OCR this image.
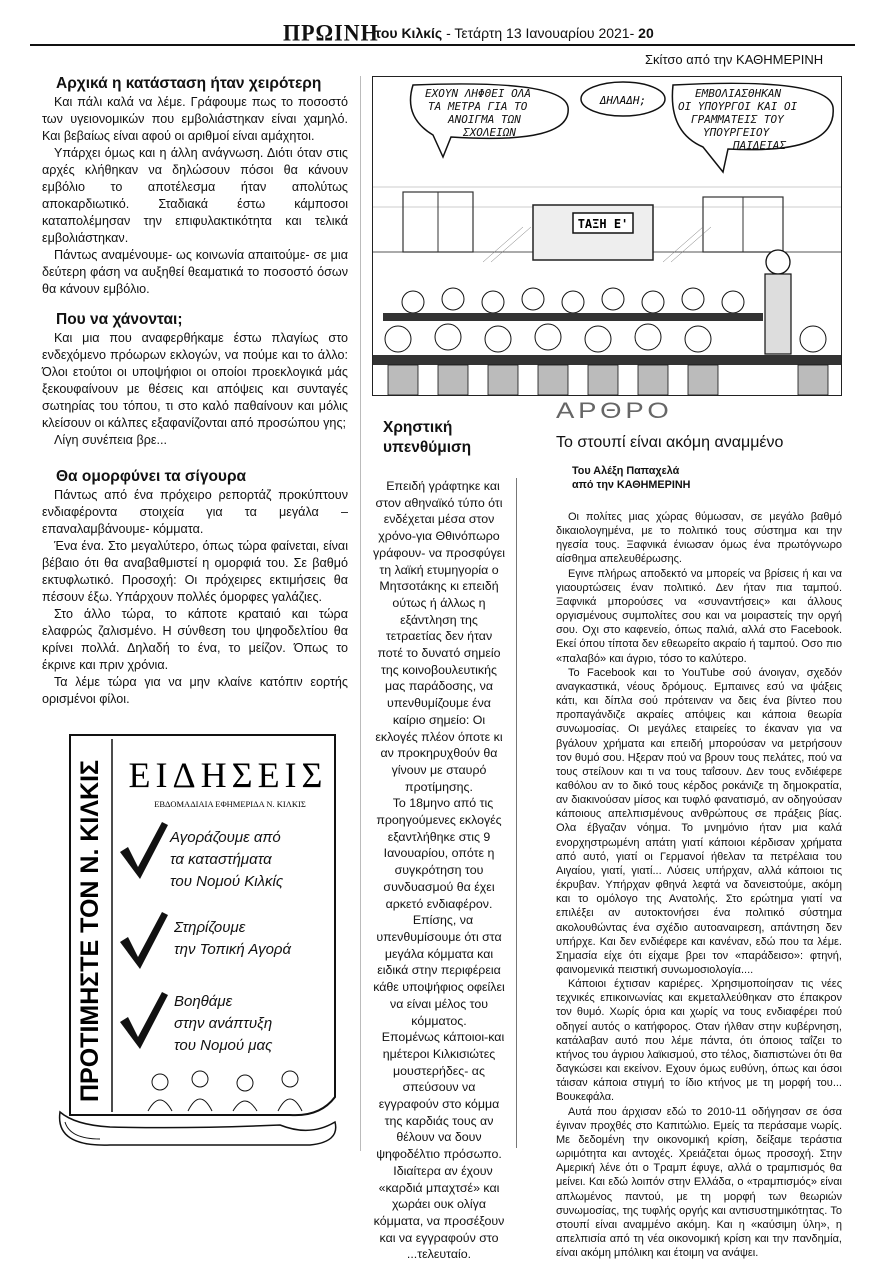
ΠΡΩΙΝΗ
του Κιλκίς - Τετάρτη 13 Ιανουαρίου 2021- 20
Σκίτσο από την ΚΑΘΗΜΕΡΙΝΗ
Αρχικά η κατάσταση ήταν χειρότερη

Και πάλι καλά να λέμε. Γράφουμε πως το ποσοστό των υγειονομικών που εμβολιάστηκαν είναι χαμηλό. Και βεβαίως είναι αφού οι αριθμοί είναι αμάχητοι.

Υπάρχει όμως και η άλλη ανάγνωση. Διότι όταν στις αρχές κλήθηκαν να δηλώσουν πόσοι θα κάνουν εμβόλιο το αποτέλεσμα ήταν απολύτως αποκαρδιωτικό. Σταδιακά έστω κάμποσοι καταπολέμησαν την επιφυλακτικότητα και τελικά εμβολιάστηκαν.

Πάντως αναμένουμε- ως κοινωνία απαιτούμε- σε μια δεύτερη φάση να αυξηθεί θεαματικά το ποσοστό όσων θα κάνουν εμβόλιο.

Που να χάνονται;

Και μια που αναφερθήκαμε έστω πλαγίως στο ενδεχόμενο πρόωρων εκλογών, να πούμε και το άλλο: Όλοι ετούτοι οι υποψήφιοι οι οποίοι προεκλογικά μάς ξεκουφαίνουν με θέσεις και απόψεις και συνταγές σωτηρίας του τόπου, τι στο καλό παθαίνουν και μόλις κλείσουν οι κάλπες εξαφανίζονται από προσώπου γης;

Λίγη συνέπεια βρε...

Θα ομορφύνει τα σίγουρα

Πάντως από ένα πρόχειρο ρεπορτάζ προκύπτουν ενδιαφέροντα στοιχεία για τα μεγάλα – επαναλαμβάνουμε- κόμματα.

Ένα ένα. Στο μεγαλύτερο, όπως τώρα φαίνεται, είναι βέβαιο ότι θα αναβαθμιστεί η ομορφιά του. Σε βαθμό εκτυφλωτικό. Προσοχή: Οι πρόχειρες εκτιμήσεις θα πέσουν έξω. Υπάρχουν πολλές όμορφες γαλάζιες.

Στο άλλο τώρα, το κάποτε κραταιό και τώρα ελαφρώς ζαλισμένο. Η σύνθεση του ψηφοδελτίου θα κρίνει πολλά. Δηλαδή το ένα, το μείζον. Όπως το έκρινε και πριν χρόνια.

Τα λέμε τώρα για να μην κλαίνε κατόπιν εορτής ορισμένοι φίλοι.

ΤΑΞΗ Ε'
ΕΧΟΥΝ ΛΗΦΘΕΙ ΟΛΑ ΤΑ ΜΕΤΡΑ ΓΙΑ ΤΟ ΑΝΟΙΓΜΑ ΤΩΝ ΣΧΟΛΕΙΩΝ
ΔΗΛΑΔΗ;
ΕΜΒΟΛΙΑΣΘΗΚΑΝ ΟΙ ΥΠΟΥΡΓΟΙ ΚΑΙ ΟΙ ΓΡΑΜΜΑΤΕΙΣ ΤΟΥ ΥΠΟΥΡΓΕΙΟΥ ΠΑΙΔΕΙΑΣ
ΠΡΟΤΙΜΗΣΤΕ ΤΟΝ Ν. ΚΙΛΚΙΣ ΕΙΔΗΣΕΙΣ
ΕΒΔΟΜΑΔΙΑΙΑ ΕΦΗΜΕΡΙΔΑ Ν. ΚΙΛΚΙΣ
Αγοράζουμε από τα καταστήματα του Νομού Κιλκίς Στηρίζουμε την Τοπική Αγορά Βοηθάμε στην ανάπτυξη του Νομού μας
Χρηστική υπενθύμιση

Επειδή γράφτηκε και στον αθηναϊκό τύπο ότι ενδέχεται μέσα στον χρόνο-για Θθινόπωρο γράφουν- να προσφύγει τη λαϊκή ετυμηγορία ο Μητσοτάκης κι επειδή ούτως ή άλλως η εξάντληση της τετραετίας δεν ήταν ποτέ το δυνατό σημείο της κοινοβουλευτικής μας παράδοσης, να υπενθυμίζουμε ένα καίριο σημείο: Οι εκλογές πλέον όποτε κι αν προκηρυχθούν θα γίνουν με σταυρό προτίμησης.

Το 18μηνο από τις προηγούμενες εκλογές εξαντλήθηκε στις 9 Ιανουαρίου, οπότε η συγκρότηση του συνδυασμού θα έχει αρκετό ενδιαφέρον.

Επίσης, να υπενθυμίσουμε ότι στα μεγάλα κόμματα και ειδικά στην περιφέρεια κάθε υποψήφιος οφείλει να είναι μέλος του κόμματος.

Επομένως κάποιοι-και ημέτεροι Κιλκισιώτες μουστερήδες- ας σπεύσουν να εγγραφούν στο κόμμα της καρδιάς τους αν θέλουν να δουν ψηφοδέλτιο πρόσωπο.

Ιδιαίτερα αν έχουν «καρδιά μπαχτσέ» και χωράει ουκ ολίγα κόμματα, να προσέξουν και να εγγραφούν στο ...τελευταίο.

ΑΡΘΡΟ
Το στουπί είναι ακόμη αναμμένο
Του Αλέξη Παπαχελά
από την ΚΑΘΗΜΕΡΙΝΗ

Οι πολίτες μιας χώρας θύμωσαν, σε μεγάλο βαθμό δικαιολογημένα, με το πολιτικό τους σύστημα και την ηγεσία τους. Ξαφνικά ένιωσαν όμως ένα πρωτόγνωρο αίσθημα απελευθέρωσης.

Εγινε πλήρως αποδεκτό να μπορείς να βρίσεις ή και να γιαουρτώσεις έναν πολιτικό. Δεν ήταν πια ταμπού. Ξαφνικά μπορούσες να «συναντήσεις» και άλλους οργισμένους συμπολίτες σου και να μοιραστείς την οργή σου. Οχι στο καφενείο, όπως παλιά, αλλά στο Facebook. Εκεί όπου τίποτα δεν εθεωρείτο ακραίο ή ταμπού. Οσο πιο «παλαβό» και άγριο, τόσο το καλύτερο.

Το Facebook και το YouTube σού άνοιγαν, σχεδόν αναγκαστικά, νέους δρόμους. Εμπαινες εσύ να ψάξεις κάτι, και δίπλα σού πρότειναν να δεις ένα βίντεο που προπαγάνδιζε ακραίες απόψεις και κάποια θεωρία συνωμοσίας. Οι μεγάλες εταιρείες το έκαναν για να βγάλουν χρήματα και επειδή μπορούσαν να μετρήσουν τον θυμό σου. Ηξεραν πού να βρουν τους πελάτες, πού να τους στείλουν και τι να τους ταΐσουν. Δεν τους ενδιέφερε καθόλου αν το δικό τους κέρδος ροκάνιζε τη δημοκρατία, αν διακινούσαν μίσος και τυφλό φανατισμό, αν οδηγούσαν κάποιους απελπισμένους ανθρώπους σε πράξεις βίας. Ολα έβγαζαν νόημα. Το μνημόνιο ήταν μια καλά ενορχηστρωμένη απάτη γιατί κάποιοι κέρδισαν χρήματα από αυτό, γιατί οι Γερμανοί ήθελαν τα πετρέλαια του Αιγαίου, γιατί, γιατί... Λύσεις υπήρχαν, αλλά κάποιοι τις έκρυβαν. Υπήρχαν φθηνά λεφτά να δανειστούμε, ακόμη και το ομόλογο της Ανατολής. Στο ερώτημα γιατί να επιλέξει αν αυτοκτονήσει ένα πολιτικό σύστημα ακολουθώντας ένα σχέδιο αυτοαναιρεση, απάντηση δεν υπήρχε. Και δεν ενδιέφερε και κανέναν, εδώ που τα λέμε. Σημασία είχε ότι είχαμε βρει τον «παράδεισο»: φτηνή, φαινομενικά πειστική συνωμοσιολογία....

Κάποιοι έχτισαν καριέρες. Χρησιμοποίησαν τις νέες τεχνικές επικοινωνίας και εκμεταλλεύθηκαν στο έπακρον τον θυμό. Χωρίς όρια και χωρίς να τους ενδιαφέρει πού οδηγεί αυτός ο κατήφορος. Οταν ήλθαν στην κυβέρνηση, κατάλαβαν αυτό που λέμε πάντα, ότι όποιος ταΐζει το κτήνος του άγριου λαϊκισμού, στο τέλος, διαπιστώνει ότι θα δαγκώσει και εκείνον. Εχουν όμως ευθύνη, όπως και όσοι τάισαν κάποια στιγμή το ίδιο κτήνος με τη μορφή του... Βουκεφάλα.

Αυτά που άρχισαν εδώ το 2010-11 οδήγησαν σε όσα έγιναν προχθές στο Καπιτώλιο. Εμείς τα περάσαμε νωρίς. Με δεδομένη την οικονομική κρίση, δείξαμε τεράστια ωριμότητα και αντοχές. Χρειάζεται όμως προσοχή. Στην Αμερική λένε ότι ο Τραμπ έφυγε, αλλά ο τραμπισμός θα μείνει. Και εδώ λοιπόν στην Ελλάδα, ο «τραμπισμός» είναι απλωμένος παντού, με τη μορφή των θεωριών συνωμοσίας, της τυφλής οργής και αντισυστημικότητας. Το στουπί είναι αναμμένο ακόμη. Και η «καύσιμη ύλη», η απελπισία από τη νέα οικονομική κρίση και την πανδημία, είναι ακόμη μπόλικη και έτοιμη να ανάψει.
